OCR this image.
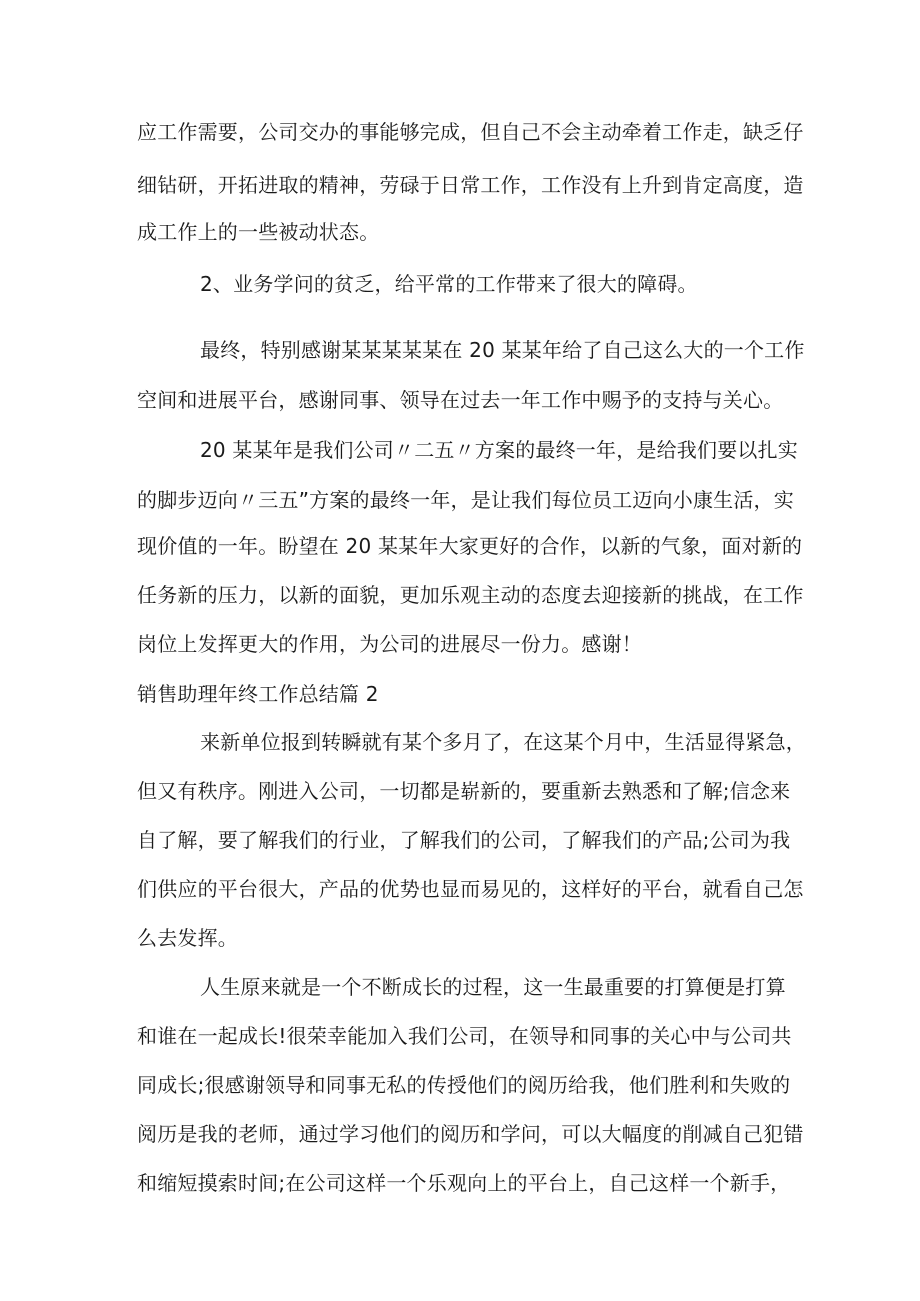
应工作需要，公司交办的事能够完成，但自己不会主动牵着工作走，缺乏仔
细钻研，开拓进取的精神，劳碌于日常工作，工作没有上升到肯定高度，造
成工作上的一些被动状态。
2、业务学问的贫乏，给平常的工作带来了很大的障碍。
最终，特别感谢某某某某某在 20 某某年给了自己这么大的一个工作
空间和进展平台，感谢同事、领导在过去一年工作中赐予的支持与关心。
20 某某年是我们公司〃二五〃方案的最终一年，是给我们要以扎实
的脚步迈向〃三五”方案的最终一年，是让我们每位员工迈向小康生活，实
现价值的一年。盼望在 20 某某年大家更好的合作，以新的气象，面对新的
任务新的压力，以新的面貌，更加乐观主动的态度去迎接新的挑战，在工作
岗位上发挥更大的作用，为公司的进展尽一份力。感谢！
销售助理年终工作总结篇 2
来新单位报到转瞬就有某个多月了，在这某个月中，生活显得紧急，
但又有秩序。刚进入公司，一切都是崭新的，要重新去熟悉和了解;信念来
自了解，要了解我们的行业，了解我们的公司，了解我们的产品;公司为我
们供应的平台很大，产品的优势也显而易见的，这样好的平台，就看自己怎
么去发挥。
人生原来就是一个不断成长的过程，这一生最重要的打算便是打算
和谁在一起成长!很荣幸能加入我们公司，在领导和同事的关心中与公司共
同成长;很感谢领导和同事无私的传授他们的阅历给我，他们胜利和失败的
阅历是我的老师，通过学习他们的阅历和学问，可以大幅度的削减自己犯错
和缩短摸索时间;在公司这样一个乐观向上的平台上，自己这样一个新手，
